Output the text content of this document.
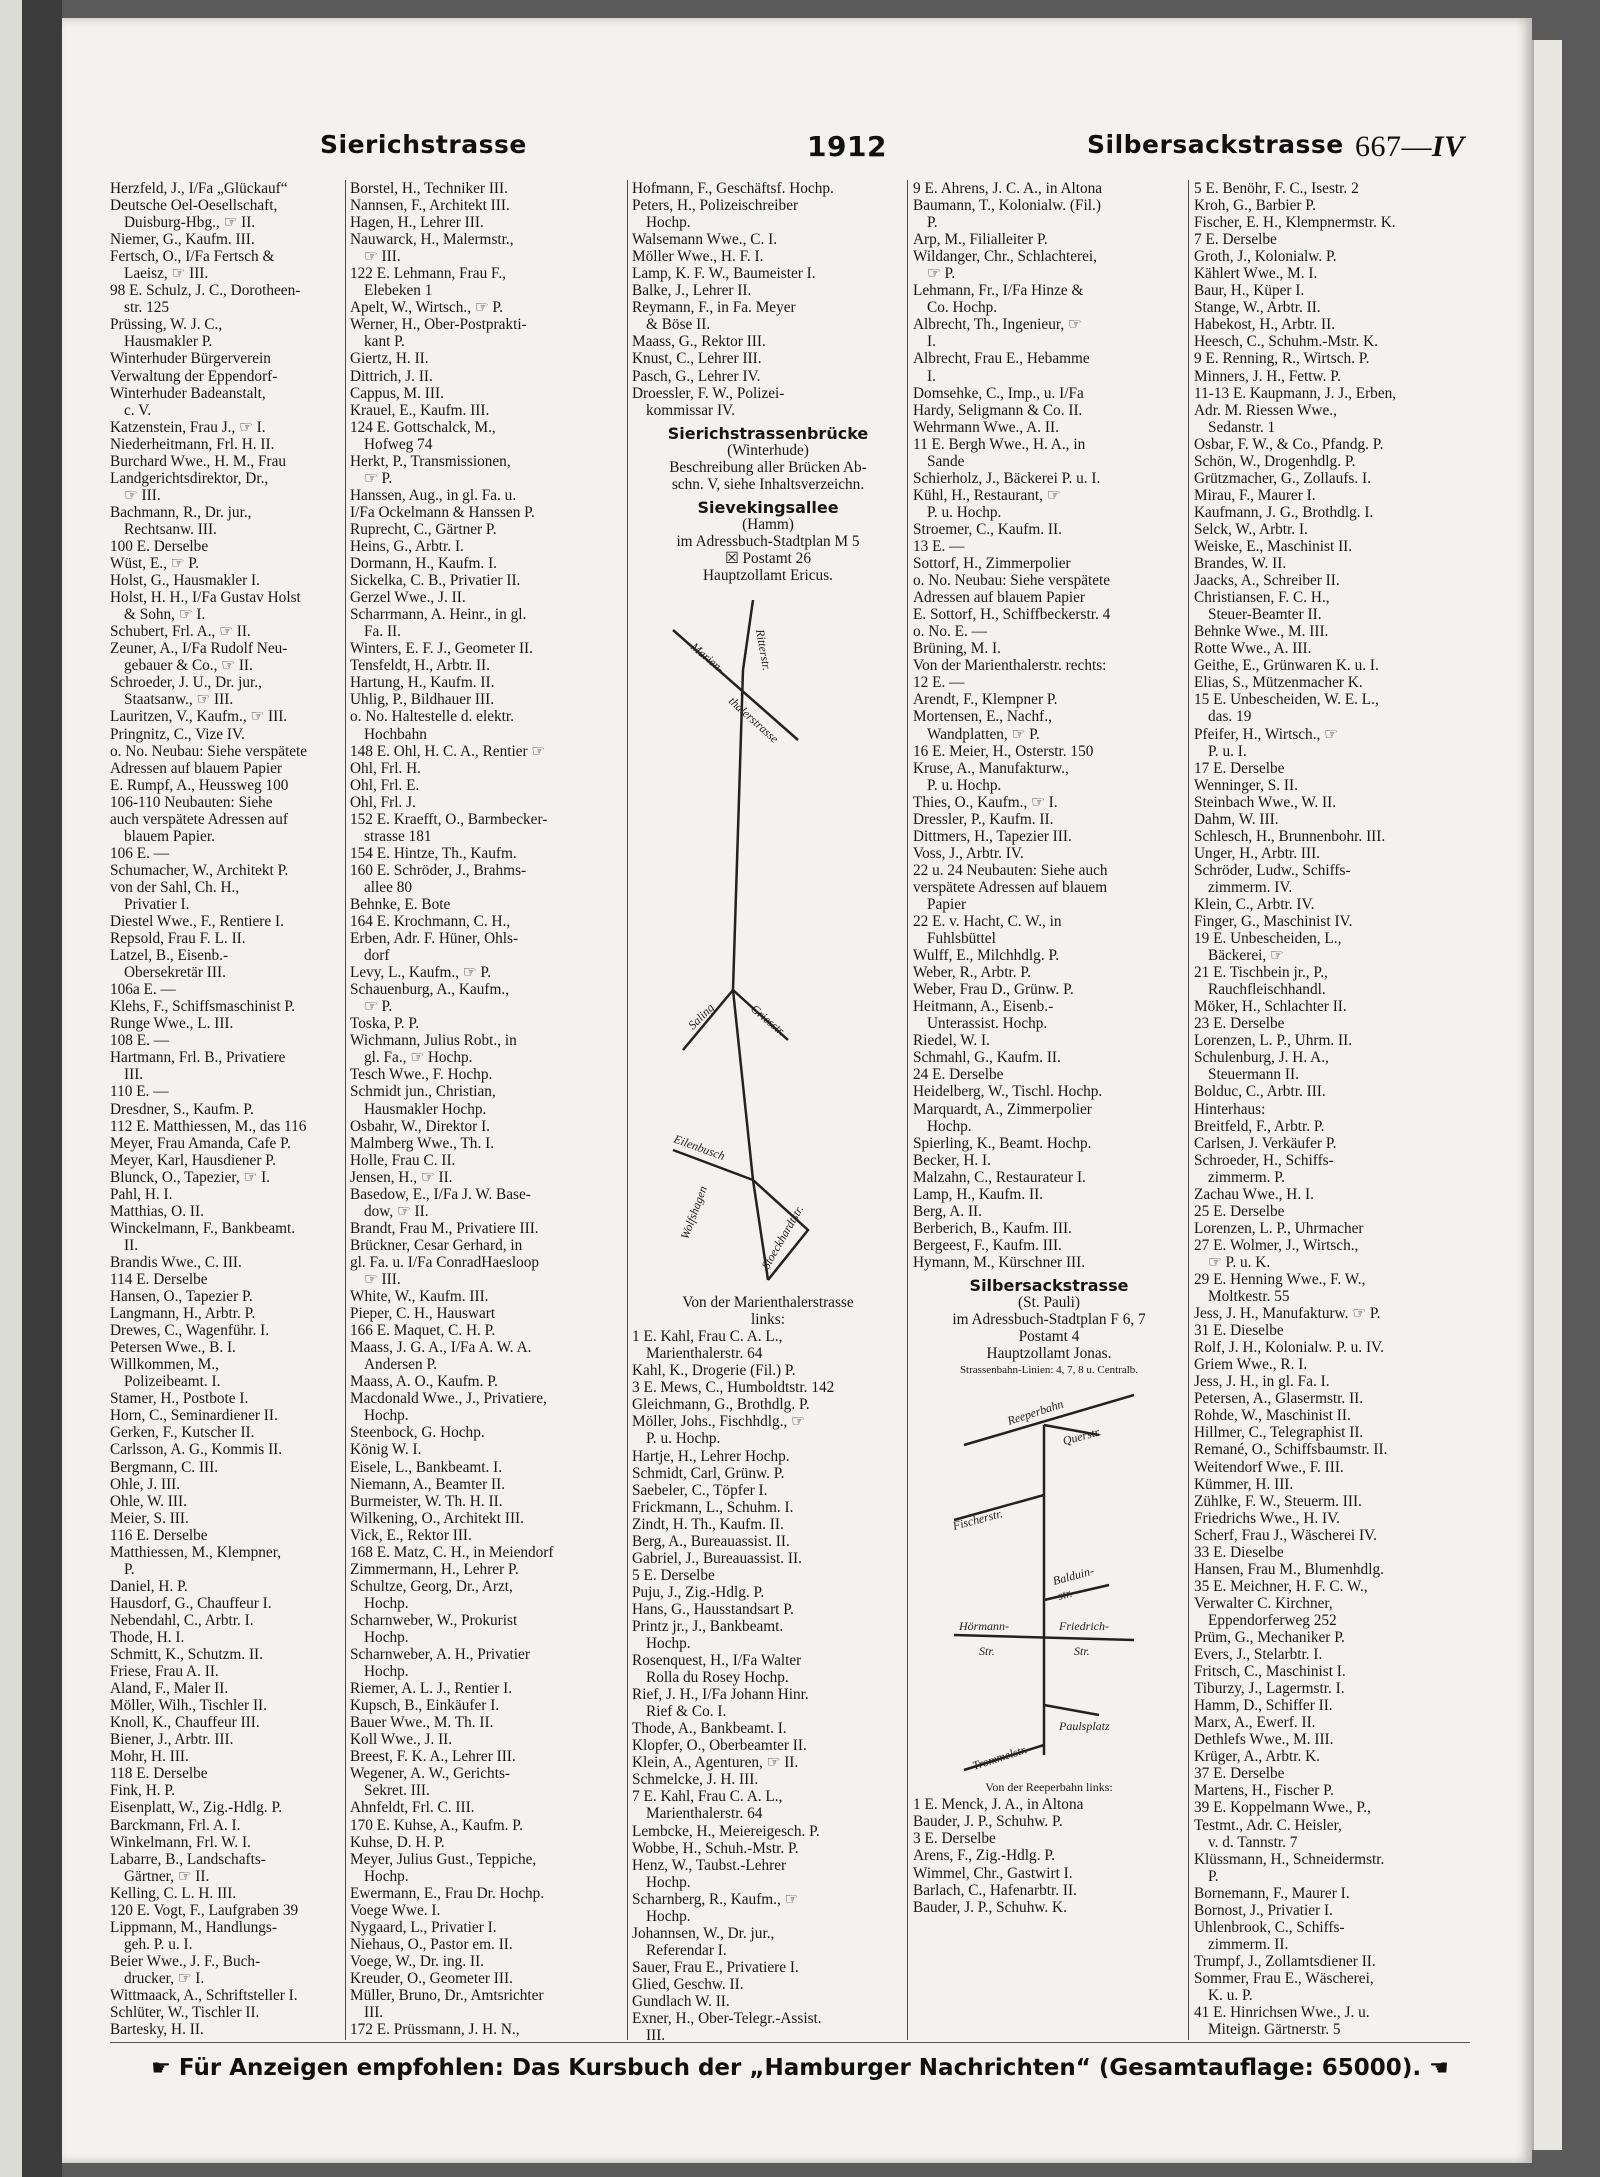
Sierichstrasse	1912	Silbersackstrasse 667—IV
Herzfeld, J., I/Fa „Glückauf“
Deutsche Oel-Oesellschaft,
Duisburg-Hbg., ☞ II.
Niemer, G., Kaufm. III.
Fertsch, O., I/Fa Fertsch &
Laeisz, ☞ III.
98 E. Schulz, J. C., Dorotheen-
str. 125
Prüssing, W. J. C.,
Hausmakler P.
Winterhuder Bürgerverein
Verwaltung der Eppendorf-
Winterhuder Badeanstalt,
c. V.
Katzenstein, Frau J., ☞ I.
Niederheitmann, Frl. H. II.
Burchard Wwe., H. M., Frau
Landgerichtsdirektor, Dr.,
☞ III.
Bachmann, R., Dr. jur.,
Rechtsanw. III.
100 E. Derselbe
Wüst, E., ☞ P.
Holst, G., Hausmakler I.
Holst, H. H., I/Fa Gustav Holst
& Sohn, ☞ I.
Schubert, Frl. A., ☞ II.
Zeuner, A., I/Fa Rudolf Neu-
gebauer & Co., ☞ II.
Schroeder, J. U., Dr. jur.,
Staatsanw., ☞ III.
Lauritzen, V., Kaufm., ☞ III.
Pringnitz, C., Vize IV.
o. No. Neubau: Siehe verspätete
Adressen auf blauem Papier
E. Rumpf, A., Heussweg 100
106-110 Neubauten: Siehe
auch verspätete Adressen auf
blauem Papier.
106 E. —
Schumacher, W., Architekt P.
von der Sahl, Ch. H.,
Privatier I.
Diestel Wwe., F., Rentiere I.
Repsold, Frau F. L. II.
Latzel, B., Eisenb.-
Obersekretär III.
106a E. —
Klehs, F., Schiffsmaschinist P.
Runge Wwe., L. III.
108 E. —
Hartmann, Frl. B., Privatiere
III.
110 E. —
Dresdner, S., Kaufm. P.
112 E. Matthiessen, M., das 116
Meyer, Frau Amanda, Cafe P.
Meyer, Karl, Hausdiener P.
Blunck, O., Tapezier, ☞ I.
Pahl, H. I.
Matthias, O. II.
Winckelmann, F., Bankbeamt.
II.
Brandis Wwe., C. III.
114 E. Derselbe
Hansen, O., Tapezier P.
Langmann, H., Arbtr. P.
Drewes, C., Wagenführ. I.
Petersen Wwe., B. I.
Willkommen, M.,
Polizeibeamt. I.
Stamer, H., Postbote I.
Horn, C., Seminardiener II.
Gerken, F., Kutscher II.
Carlsson, A. G., Kommis II.
Bergmann, C. III.
Ohle, J. III.
Ohle, W. III.
Meier, S. III.
116 E. Derselbe
Matthiessen, M., Klempner,
P.
Daniel, H. P.
Hausdorf, G., Chauffeur I.
Nebendahl, C., Arbtr. I.
Thode, H. I.
Schmitt, K., Schutzm. II.
Friese, Frau A. II.
Aland, F., Maler II.
Möller, Wilh., Tischler II.
Knoll, K., Chauffeur III.
Biener, J., Arbtr. III.
Mohr, H. III.
118 E. Derselbe
Fink, H. P.
Eisenplatt, W., Zig.-Hdlg. P.
Barckmann, Frl. A. I.
Winkelmann, Frl. W. I.
Labarre, B., Landschafts-
Gärtner, ☞ II.
Kelling, C. L. H. III.
120 E. Vogt, F., Laufgraben 39
Lippmann, M., Handlungs-
geh. P. u. I.
Beier Wwe., J. F., Buch-
drucker, ☞ I.
Wittmaack, A., Schriftsteller I.
Schlüter, W., Tischler II.
Bartesky, H. II.
Borstel, H., Techniker III.
Nannsen, F., Architekt III.
Hagen, H., Lehrer III.
Nauwarck, H., Malermstr.,
☞ III.
122 E. Lehmann, Frau F.,
Elebeken 1
Apelt, W., Wirtsch., ☞ P.
Werner, H., Ober-Postprakti-
kant P.
Giertz, H. II.
Dittrich, J. II.
Cappus, M. III.
Krauel, E., Kaufm. III.
124 E. Gottschalck, M.,
Hofweg 74
Herkt, P., Transmissionen,
☞ P.
Hanssen, Aug., in gl. Fa. u.
I/Fa Ockelmann & Hanssen P.
Ruprecht, C., Gärtner P.
Heins, G., Arbtr. I.
Dormann, H., Kaufm. I.
Sickelka, C. B., Privatier II.
Gerzel Wwe., J. II.
Scharrmann, A. Heinr., in gl.
Fa. II.
Winters, E. F. J., Geometer II.
Tensfeldt, H., Arbtr. II.
Hartung, H., Kaufm. II.
Uhlig, P., Bildhauer III.
o. No. Haltestelle d. elektr.
Hochbahn
148 E. Ohl, H. C. A., Rentier ☞
Ohl, Frl. H.
Ohl, Frl. E.
Ohl, Frl. J.
152 E. Kraefft, O., Barmbecker-
strasse 181
154 E. Hintze, Th., Kaufm.
160 E. Schröder, J., Brahms-
allee 80
Behnke, E. Bote
164 E. Krochmann, C. H.,
Erben, Adr. F. Hüner, Ohls-
dorf
Levy, L., Kaufm., ☞ P.
Schauenburg, A., Kaufm.,
☞ P.
Toska, P. P.
Wichmann, Julius Robt., in
gl. Fa., ☞ Hochp.
Tesch Wwe., F. Hochp.
Schmidt jun., Christian,
Hausmakler Hochp.
Osbahr, W., Direktor I.
Malmberg Wwe., Th. I.
Holle, Frau C. II.
Jensen, H., ☞ II.
Basedow, E., I/Fa J. W. Base-
dow, ☞ II.
Brandt, Frau M., Privatiere III.
Brückner, Cesar Gerhard, in
gl. Fa. u. I/Fa ConradHaesloop
☞ III.
White, W., Kaufm. III.
Pieper, C. H., Hauswart
166 E. Maquet, C. H. P.
Maass, J. G. A., I/Fa A. W. A.
Andersen P.
Maass, A. O., Kaufm. P.
Macdonald Wwe., J., Privatiere,
Hochp.
Steenbock, G. Hochp.
König W. I.
Eisele, L., Bankbeamt. I.
Niemann, A., Beamter II.
Burmeister, W. Th. H. II.
Wilkening, O., Architekt III.
Vick, E., Rektor III.
168 E. Matz, C. H., in Meiendorf
Zimmermann, H., Lehrer P.
Schultze, Georg, Dr., Arzt,
Hochp.
Scharnweber, W., Prokurist
Hochp.
Scharnweber, A. H., Privatier
Hochp.
Riemer, A. L. J., Rentier I.
Kupsch, B., Einkäufer I.
Bauer Wwe., M. Th. II.
Koll Wwe., J. II.
Breest, F. K. A., Lehrer III.
Wegener, A. W., Gerichts-
Sekret. III.
Ahnfeldt, Frl. C. III.
170 E. Kuhse, A., Kaufm. P.
Kuhse, D. H. P.
Meyer, Julius Gust., Teppiche,
Hochp.
Ewermann, E., Frau Dr. Hochp.
Voege Wwe. I.
Nygaard, L., Privatier I.
Niehaus, O., Pastor em. II.
Voege, W., Dr. ing. II.
Kreuder, O., Geometer III.
Müller, Bruno, Dr., Amtsrichter
III.
172 E. Prüssmann, J. H. N.,
Hofmann, F., Geschäftsf. Hochp.
Peters, H., Polizeischreiber
Hochp.
Walsemann Wwe., C. I.
Möller Wwe., H. F. I.
Lamp, K. F. W., Baumeister I.
Balke, J., Lehrer II.
Reymann, F., in Fa. Meyer
& Böse II.
Maass, G., Rektor III.
Knust, C., Lehrer III.
Pasch, G., Lehrer IV.
Droessler, F. W., Polizei-
kommissar IV.
Sierichstrassenbrücke
(Winterhude)
Beschreibung aller Brücken Ab-
schn. V, siehe Inhaltsverzeichn.
Sievekingsallee
(Hamm)
im Adressbuch-Stadtplan M 5
☒ Postamt 26
Hauptzollamt Ericus.
Ritterstr.
Marien-
thalerstrasse
Saling	Griesstr.
Eilenbusch
Wolfshagen	Stoeckhardtstr.
Von der Marienthalerstrasse
links:
1 E. Kahl, Frau C. A. L.,
Marienthalerstr. 64
Kahl, K., Drogerie (Fil.) P.
3 E. Mews, C., Humboldtstr. 142
Gleichmann, G., Brothdlg. P.
Möller, Johs., Fischhdlg., ☞
P. u. Hochp.
Hartje, H., Lehrer Hochp.
Schmidt, Carl, Grünw. P.
Saebeler, C., Töpfer I.
Frickmann, L., Schuhm. I.
Zindt, H. Th., Kaufm. II.
Berg, A., Bureauassist. II.
Gabriel, J., Bureauassist. II.
5 E. Derselbe
Puju, J., Zig.-Hdlg. P.
Hans, G., Hausstandsart P.
Printz jr., J., Bankbeamt.
Hochp.
Rosenquest, H., I/Fa Walter
Rolla du Rosey Hochp.
Rief, J. H., I/Fa Johann Hinr.
Rief & Co. I.
Thode, A., Bankbeamt. I.
Klopfer, O., Oberbeamter II.
Klein, A., Agenturen, ☞ II.
Schmelcke, J. H. III.
7 E. Kahl, Frau C. A. L.,
Marienthalerstr. 64
Lembcke, H., Meiereigesch. P.
Wobbe, H., Schuh.-Mstr. P.
Henz, W., Taubst.-Lehrer
Hochp.
Scharnberg, R., Kaufm., ☞
Hochp.
Johannsen, W., Dr. jur.,
Referendar I.
Sauer, Frau E., Privatiere I.
Glied, Geschw. II.
Gundlach W. II.
Exner, H., Ober-Telegr.-Assist.
III.
9 E. Ahrens, J. C. A., in Altona
Baumann, T., Kolonialw. (Fil.)
P.
Arp, M., Filialleiter P.
Wildanger, Chr., Schlachterei,
☞ P.
Lehmann, Fr., I/Fa Hinze &
Co. Hochp.
Albrecht, Th., Ingenieur, ☞
I.
Albrecht, Frau E., Hebamme
I.
Domsehke, C., Imp., u. I/Fa
Hardy, Seligmann & Co. II.
Wehrmann Wwe., A. II.
11 E. Bergh Wwe., H. A., in
Sande
Schierholz, J., Bäckerei P. u. I.
Kühl, H., Restaurant, ☞
P. u. Hochp.
Stroemer, C., Kaufm. II.
13 E. —
Sottorf, H., Zimmerpolier
o. No. Neubau: Siehe verspätete
Adressen auf blauem Papier
E. Sottorf, H., Schiffbeckerstr. 4
o. No. E. —
Brüning, M. I.
Von der Marienthalerstr. rechts:
12 E. —
Arendt, F., Klempner P.
Mortensen, E., Nachf.,
Wandplatten, ☞ P.
16 E. Meier, H., Osterstr. 150
Kruse, A., Manufakturw.,
P. u. Hochp.
Thies, O., Kaufm., ☞ I.
Dressler, P., Kaufm. II.
Dittmers, H., Tapezier III.
Voss, J., Arbtr. IV.
22 u. 24 Neubauten: Siehe auch
verspätete Adressen auf blauem
Papier
22 E. v. Hacht, C. W., in
Fuhlsbüttel
Wulff, E., Milchhdlg. P.
Weber, R., Arbtr. P.
Weber, Frau D., Grünw. P.
Heitmann, A., Eisenb.-
Unterassist. Hochp.
Riedel, W. I.
Schmahl, G., Kaufm. II.
24 E. Derselbe
Heidelberg, W., Tischl. Hochp.
Marquardt, A., Zimmerpolier
Hochp.
Spierling, K., Beamt. Hochp.
Becker, H. I.
Malzahn, C., Restaurateur I.
Lamp, H., Kaufm. II.
Berg, A. II.
Berberich, B., Kaufm. III.
Bergeest, F., Kaufm. III.
Hymann, M., Kürschner III.
Silbersackstrasse
(St. Pauli)
im Adressbuch-Stadtplan F 6, 7
Postamt 4
Hauptzollamt Jonas.
Strassenbahn-Linien: 4, 7, 8 u. Centralb.
Reeperbahn
Querstr.
Fischerstr.
Balduin-
str.
Hörmann-
Str.
Friedrich-
Str.
Paulsplatz
Trommelstr.
Von der Reeperbahn links:
1 E. Menck, J. A., in Altona
Bauder, J. P., Schuhw. P.
3 E. Derselbe
Arens, F., Zig.-Hdlg. P.
Wimmel, Chr., Gastwirt I.
Barlach, C., Hafenarbtr. II.
Bauder, J. P., Schuhw. K.
5 E. Benöhr, F. C., Isestr. 2
Kroh, G., Barbier P.
Fischer, E. H., Klempnermstr. K.
7 E. Derselbe
Groth, J., Kolonialw. P.
Kählert Wwe., M. I.
Baur, H., Küper I.
Stange, W., Arbtr. II.
Habekost, H., Arbtr. II.
Heesch, C., Schuhm.-Mstr. K.
9 E. Renning, R., Wirtsch. P.
Minners, J. H., Fettw. P.
11-13 E. Kaupmann, J. J., Erben,
Adr. M. Riessen Wwe.,
Sedanstr. 1
Osbar, F. W., & Co., Pfandg. P.
Schön, W., Drogenhdlg. P.
Grützmacher, G., Zollaufs. I.
Mirau, F., Maurer I.
Kaufmann, J. G., Brothdlg. I.
Selck, W., Arbtr. I.
Weiske, E., Maschinist II.
Brandes, W. II.
Jaacks, A., Schreiber II.
Christiansen, F. C. H.,
Steuer-Beamter II.
Behnke Wwe., M. III.
Rotte Wwe., A. III.
Geithe, E., Grünwaren K. u. I.
Elias, S., Mützenmacher K.
15 E. Unbescheiden, W. E. L.,
das. 19
Pfeifer, H., Wirtsch., ☞
P. u. I.
17 E. Derselbe
Wenninger, S. II.
Steinbach Wwe., W. II.
Dahm, W. III.
Schlesch, H., Brunnenbohr. III.
Unger, H., Arbtr. III.
Schröder, Ludw., Schiffs-
zimmerm. IV.
Klein, C., Arbtr. IV.
Finger, G., Maschinist IV.
19 E. Unbescheiden, L.,
Bäckerei, ☞
21 E. Tischbein jr., P.,
Rauchfleischhandl.
Möker, H., Schlachter II.
23 E. Derselbe
Lorenzen, L. P., Uhrm. II.
Schulenburg, J. H. A.,
Steuermann II.
Bolduc, C., Arbtr. III.
Hinterhaus:
Breitfeld, F., Arbtr. P.
Carlsen, J. Verkäufer P.
Schroeder, H., Schiffs-
zimmerm. P.
Zachau Wwe., H. I.
25 E. Derselbe
Lorenzen, L. P., Uhrmacher
27 E. Wolmer, J., Wirtsch.,
☞ P. u. K.
29 E. Henning Wwe., F. W.,
Moltkestr. 55
Jess, J. H., Manufakturw. ☞ P.
31 E. Dieselbe
Rolf, J. H., Kolonialw. P. u. IV.
Griem Wwe., R. I.
Jess, J. H., in gl. Fa. I.
Petersen, A., Glasermstr. II.
Rohde, W., Maschinist II.
Hillmer, C., Telegraphist II.
Remané, O., Schiffsbaumstr. II.
Weitendorf Wwe., F. III.
Kümmer, H. III.
Zühlke, F. W., Steuerm. III.
Friedrichs Wwe., H. IV.
Scherf, Frau J., Wäscherei IV.
33 E. Dieselbe
Hansen, Frau M., Blumenhdlg.
35 E. Meichner, H. F. C. W.,
Verwalter C. Kirchner,
Eppendorferweg 252
Prüm, G., Mechaniker P.
Evers, J., Stelarbtr. I.
Fritsch, C., Maschinist I.
Tiburzy, J., Lagermstr. I.
Hamm, D., Schiffer II.
Marx, A., Ewerf. II.
Dethlefs Wwe., M. III.
Krüger, A., Arbtr. K.
37 E. Derselbe
Martens, H., Fischer P.
39 E. Koppelmann Wwe., P.,
Testmt., Adr. C. Heisler,
v. d. Tannstr. 7
Klüssmann, H., Schneidermstr.
P.
Bornemann, F., Maurer I.
Bornost, J., Privatier I.
Uhlenbrook, C., Schiffs-
zimmerm. II.
Trumpf, J., Zollamtsdiener II.
Sommer, Frau E., Wäscherei,
K. u. P.
41 E. Hinrichsen Wwe., J. u.
Miteign. Gärtnerstr. 5
☛ Für Anzeigen empfohlen: Das Kursbuch der „Hamburger Nachrichten“ (Gesamtauflage: 65000). ☚
